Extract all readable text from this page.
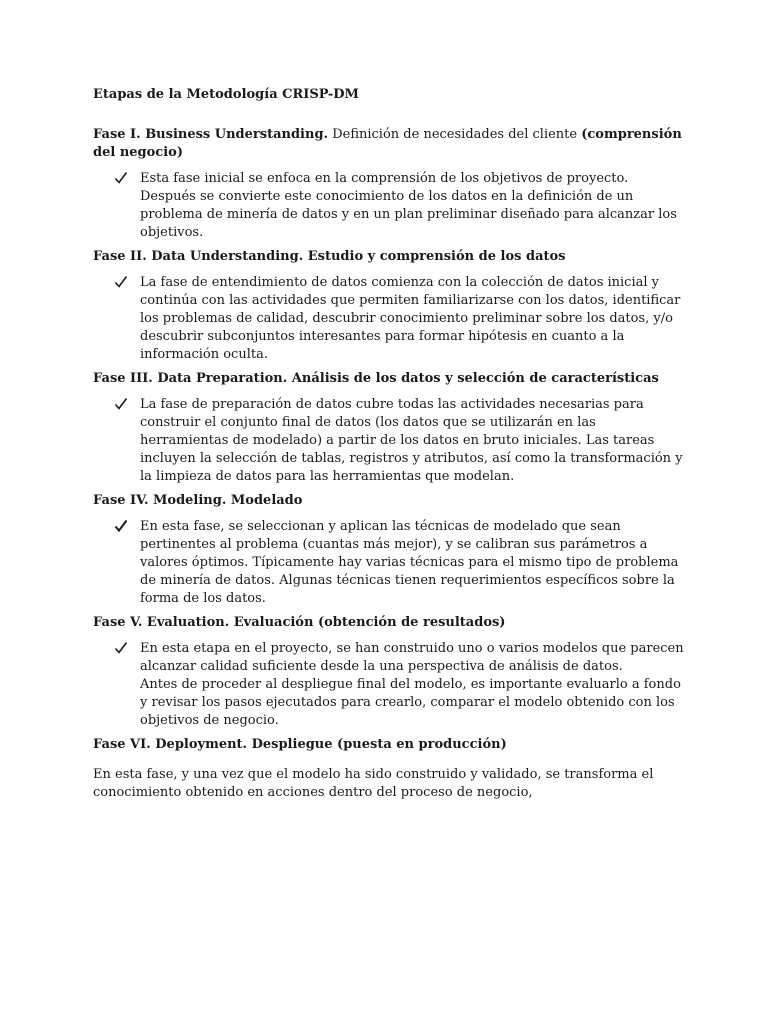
Etapas de la Metodología CRISP-DM
Fase I. Business Understanding. Definición de necesidades del cliente (comprensión del negocio)
Esta fase inicial se enfoca en la comprensión de los objetivos de proyecto. Después se convierte este conocimiento de los datos en la definición de un problema de minería de datos y en un plan preliminar diseñado para alcanzar los objetivos.
Fase II. Data Understanding. Estudio y comprensión de los datos
La fase de entendimiento de datos comienza con la colección de datos inicial y continúa con las actividades que permiten familiarizarse con los datos, identificar los problemas de calidad, descubrir conocimiento preliminar sobre los datos, y/o descubrir subconjuntos interesantes para formar hipótesis en cuanto a la información oculta.
Fase III. Data Preparation. Análisis de los datos y selección de características
La fase de preparación de datos cubre todas las actividades necesarias para construir el conjunto final de datos (los datos que se utilizarán en las herramientas de modelado) a partir de los datos en bruto iniciales. Las tareas incluyen la selección de tablas, registros y atributos, así como la transformación y la limpieza de datos para las herramientas que modelan.
Fase IV. Modeling. Modelado
En esta fase, se seleccionan y aplican las técnicas de modelado que sean pertinentes al problema (cuantas más mejor), y se calibran sus parámetros a valores óptimos. Típicamente hay varias técnicas para el mismo tipo de problema de minería de datos. Algunas técnicas tienen requerimientos específicos sobre la forma de los datos.
Fase V. Evaluation. Evaluación (obtención de resultados)
En esta etapa en el proyecto, se han construido uno o varios modelos que parecen alcanzar calidad suficiente desde la una perspectiva de análisis de datos.
Antes de proceder al despliegue final del modelo, es importante evaluarlo a fondo y revisar los pasos ejecutados para crearlo, comparar el modelo obtenido con los objetivos de negocio.
Fase VI. Deployment. Despliegue (puesta en producción)

En esta fase, y una vez que el modelo ha sido construido y validado, se transforma el conocimiento obtenido en acciones dentro del proceso de negocio,
